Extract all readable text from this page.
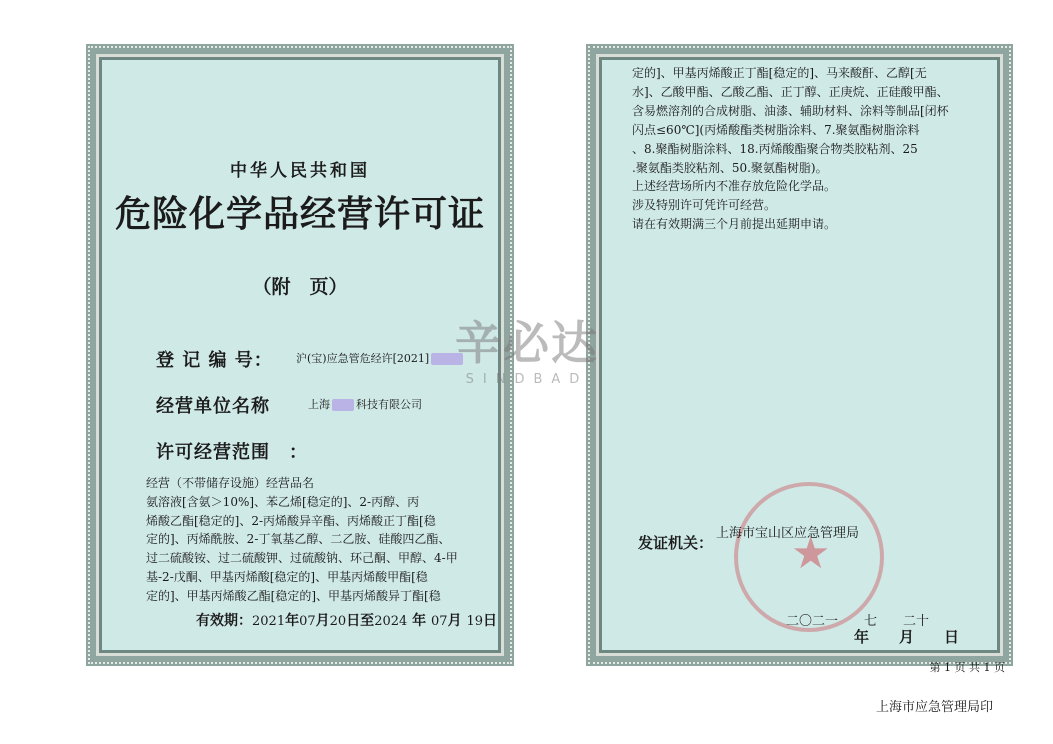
中华人民共和国
危险化学品经营许可证
（附　页）
登 记 编 号： 沪(宝)应急管危经许[2021]
经营单位名称	上海 科技有限公司
许可经营范围　：
经营（不带储存设施）经营品名
氨溶液[含氨＞10%]、苯乙烯[稳定的]、2-丙醇、丙
烯酸乙酯[稳定的]、2-丙烯酸异辛酯、丙烯酸正丁酯[稳
定的]、丙烯酰胺、2-丁氧基乙醇、二乙胺、硅酸四乙酯、
过二硫酸铵、过二硫酸钾、过硫酸钠、环己酮、甲醇、4-甲
基-2-戊酮、甲基丙烯酸[稳定的]、甲基丙烯酸甲酯[稳
定的]、甲基丙烯酸乙酯[稳定的]、甲基丙烯酸异丁酯[稳
有效期：2021年07月20日至2024 年 07月 19日
定的]、甲基丙烯酸正丁酯[稳定的]、马来酸酐、乙醇[无
水]、乙酸甲酯、乙酸乙酯、正丁醇、正庚烷、正硅酸甲酯、
含易燃溶剂的合成树脂、油漆、辅助材料、涂料等制品[闭杯
闪点≤60℃](丙烯酸酯类树脂涂料、7.聚氨酯树脂涂料
、8.聚酯树脂涂料、18.丙烯酸酯聚合物类胶粘剂、25
.聚氨酯类胶粘剂、50.聚氨酯树脂)。
上述经营场所内不准存放危险化学品。
涉及特别许可凭许可经营。
请在有效期满三个月前提出延期申请。
★
发证机关：
上海市宝山区应急管理局
二〇二一　　七　　二十
年　　月　　日
第 1 页 共 1 页
上海市应急管理局印
辛必达
SINDBAD
